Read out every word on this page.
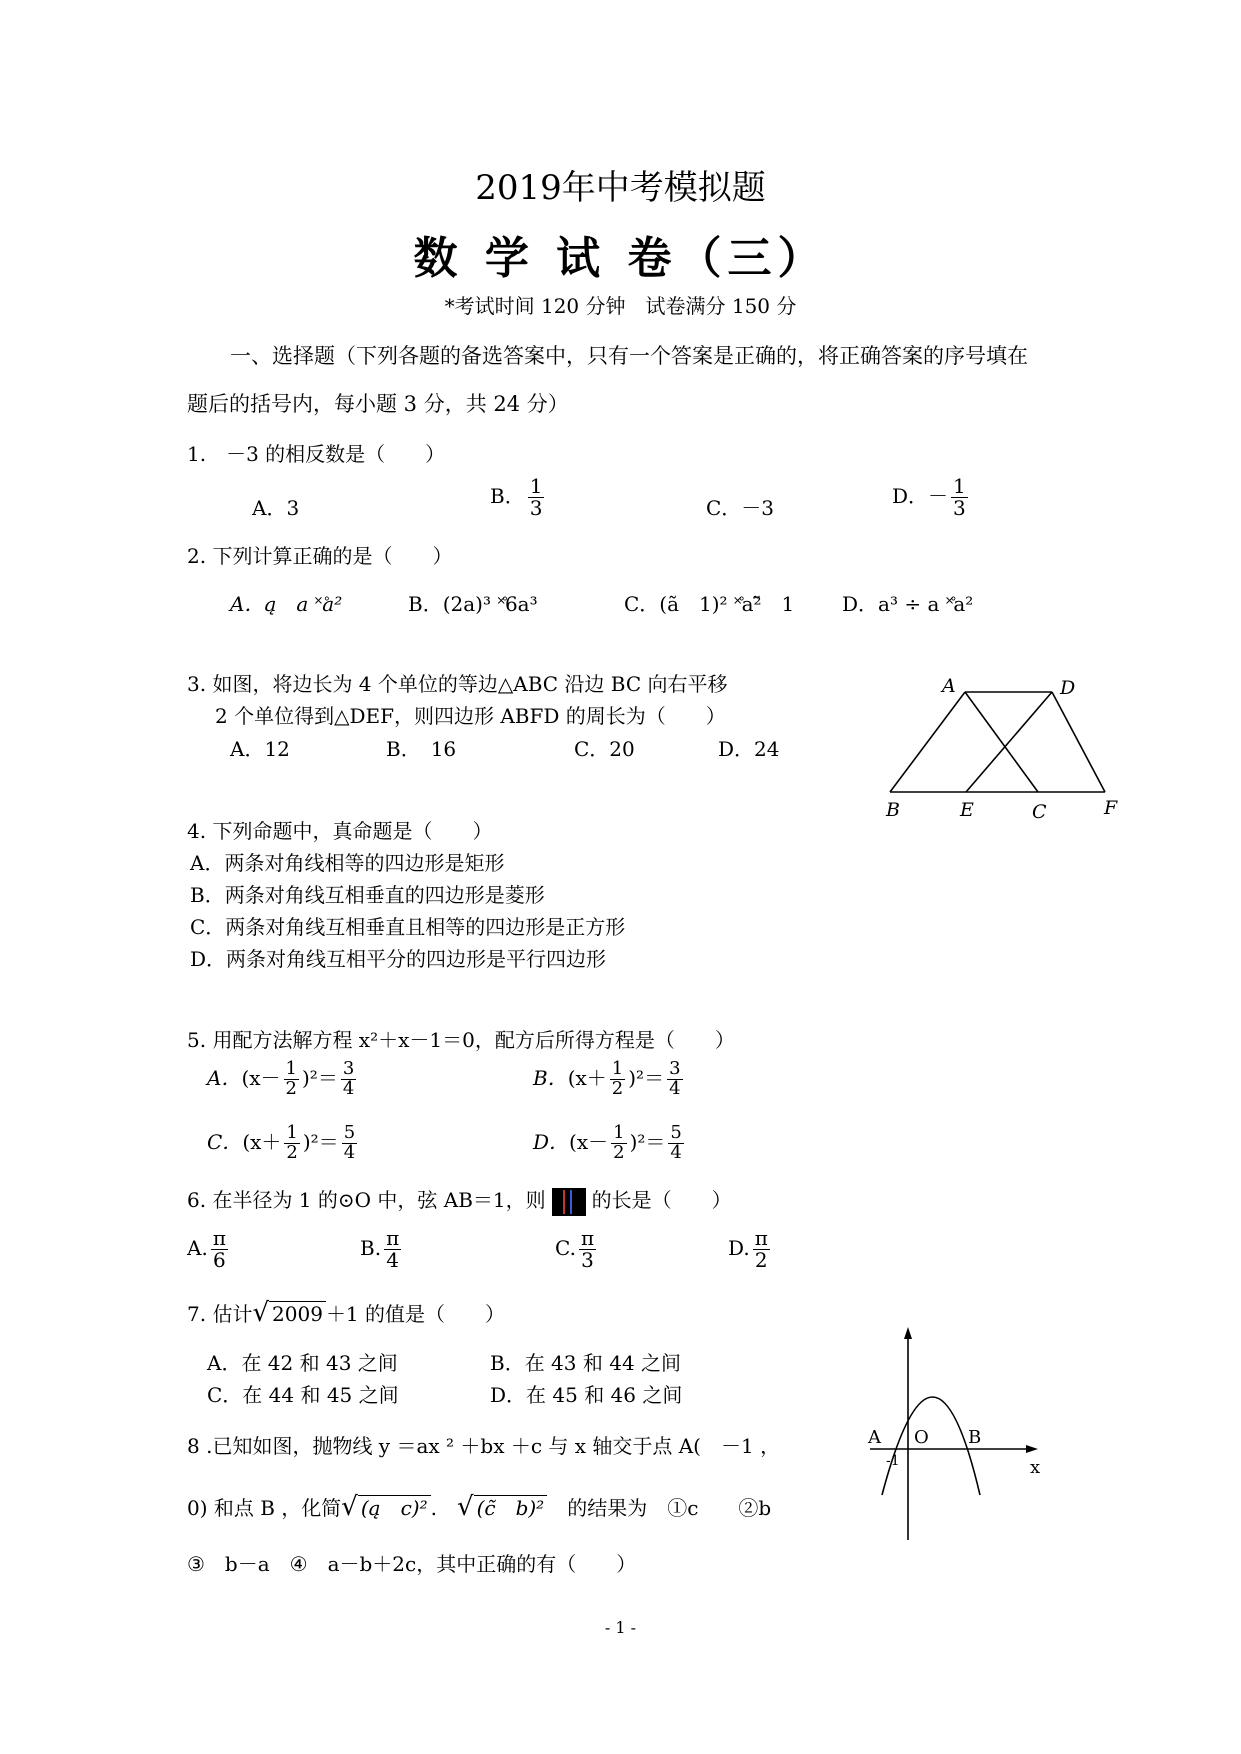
2019年中考模拟题
数 学 试 卷（三）
*考试时间 120 分钟　试卷满分 150 分
一、选择题（下列各题的备选答案中，只有一个答案是正确的，将正确答案的序号填在
题后的括号内，每小题 3 分，共 24 分）
1.　－3 的相反数是（　　）
A．3	B． $\frac{1}{3}$	C．－3	D．－ $\frac{1}{3}$
2. 下列计算正确的是（　　）
A．ą　a ˟̊a²	B．(2a)³ ˟̊6a³	C．(ã　1)² ˟̊a²̃　1 D．a³ ÷ a ˟̊a²
3. 如图，将边长为 4 个单位的等边△ABC 沿边 BC 向右平移
2 个单位得到△DEF，则四边形 ABFD 的周长为（　　）
A．12	B．　16	C．20	D．24
A	D
B	E	C	F
4. 下列命题中，真命题是（　　）
A．两条对角线相等的四边形是矩形
B．两条对角线互相垂直的四边形是菱形
C．两条对角线互相垂直且相等的四边形是正方形
D．两条对角线互相平分的四边形是平行四边形
5. 用配方法解方程 x²＋x－1＝0，配方后所得方程是（　　）
A．$(x- \frac{1}{2} )^2= \frac{3}{4}$	B．$(x+ \frac{1}{2} )^2= \frac{3}{4}$
C．$(x+ \frac{1}{2} )^2= \frac{5}{4}$	D．$(x- \frac{1}{2} )^2= \frac{5}{4}$
6. 在半径为 1 的⊙O 中，弦 AB＝1，则 的长是（　　）
A. $\frac{\pi}{6}$	B. $\frac{\pi}{4}$	C. $\frac{\pi}{3}$	D. $\frac{\pi}{2}$
7. 估计√ 2009 ＋1 的值是（　　）
A．在 42 和 43 之间	B．在 43 和 44 之间
C．在 44 和 45 之间	D．在 45 和 46 之间
8 .已知如图，抛物线 y ＝ax ² ＋bx ＋c 与 x 轴交于点 A(　－1 ，
0) 和点 B ，化简√ (ą　c)² .　√ (c̃　b)²　 的结果为　①c　　②b
③　b－a　④　a－b＋2c，其中正确的有（　　）
A O B
x
-1
- 1 -
